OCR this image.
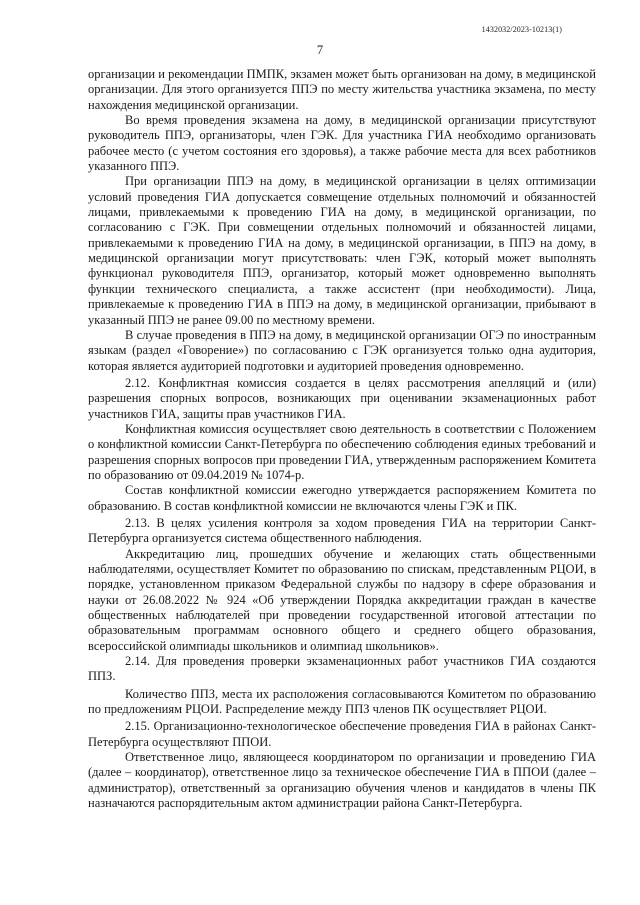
1432032/2023-10213(1)
7

организации и рекомендации ПМПК, экзамен может быть организован на дому, в медицинской организации. Для этого организуется ППЭ по месту жительства участника экзамена, по месту нахождения медицинской организации.

Во время проведения экзамена на дому, в медицинской организации присутствуют руководитель ППЭ, организаторы, член ГЭК. Для участника ГИА необходимо организовать рабочее место (с учетом состояния его здоровья), а также рабочие места для всех работников указанного ППЭ.

При организации ППЭ на дому, в медицинской организации в целях оптимизации условий проведения ГИА допускается совмещение отдельных полномочий и обязанностей лицами, привлекаемыми к проведению ГИА на дому, в медицинской организации, по согласованию с ГЭК. При совмещении отдельных полномочий и обязанностей лицами, привлекаемыми к проведению ГИА на дому, в медицинской организации, в ППЭ на дому, в медицинской организации могут присутствовать: член ГЭК, который может выполнять функционал руководителя ППЭ, организатор, который может одновременно выполнять функции технического специалиста, а также ассистент (при необходимости). Лица, привлекаемые к проведению ГИА в ППЭ на дому, в медицинской организации, прибывают в указанный ППЭ не ранее 09.00 по местному времени.

В случае проведения в ППЭ на дому, в медицинской организации ОГЭ по иностранным языкам (раздел «Говорение») по согласованию с ГЭК организуется только одна аудитория, которая является аудиторией подготовки и аудиторией проведения одновременно.

2.12. Конфликтная комиссия создается в целях рассмотрения апелляций и (или) разрешения спорных вопросов, возникающих при оценивании экзаменационных работ участников ГИА, защиты прав участников ГИА.

Конфликтная комиссия осуществляет свою деятельность в соответствии с Положением о конфликтной комиссии Санкт-Петербурга по обеспечению соблюдения единых требований и разрешения спорных вопросов при проведении ГИА, утвержденным распоряжением Комитета по образованию от 09.04.2019 № 1074-р.

Состав конфликтной комиссии ежегодно утверждается распоряжением Комитета по образованию. В состав конфликтной комиссии не включаются члены ГЭК и ПК.

2.13. В целях усиления контроля за ходом проведения ГИА на территории Санкт-Петербурга организуется система общественного наблюдения.

Аккредитацию лиц, прошедших обучение и желающих стать общественными наблюдателями, осуществляет Комитет по образованию по спискам, представленным РЦОИ, в порядке, установленном приказом Федеральной службы по надзору в сфере образования и науки от 26.08.2022 № 924 «Об утверждении Порядка аккредитации граждан в качестве общественных наблюдателей при проведении государственной итоговой аттестации по образовательным программам основного общего и среднего общего образования, всероссийской олимпиады школьников и олимпиад школьников».

2.14. Для проведения проверки экзаменационных работ участников ГИА создаются ППЗ.

Количество ППЗ, места их расположения согласовываются Комитетом по образованию по предложениям РЦОИ. Распределение между ППЗ членов ПК осуществляет РЦОИ.

2.15. Организационно-технологическое обеспечение проведения ГИА в районах Санкт-Петербурга осуществляют ППОИ.

Ответственное лицо, являющееся координатором по организации и проведению ГИА (далее – координатор), ответственное лицо за техническое обеспечение ГИА в ППОИ (далее – администратор), ответственный за организацию обучения членов и кандидатов в члены ПК назначаются распорядительным актом администрации района Санкт-Петербурга.
